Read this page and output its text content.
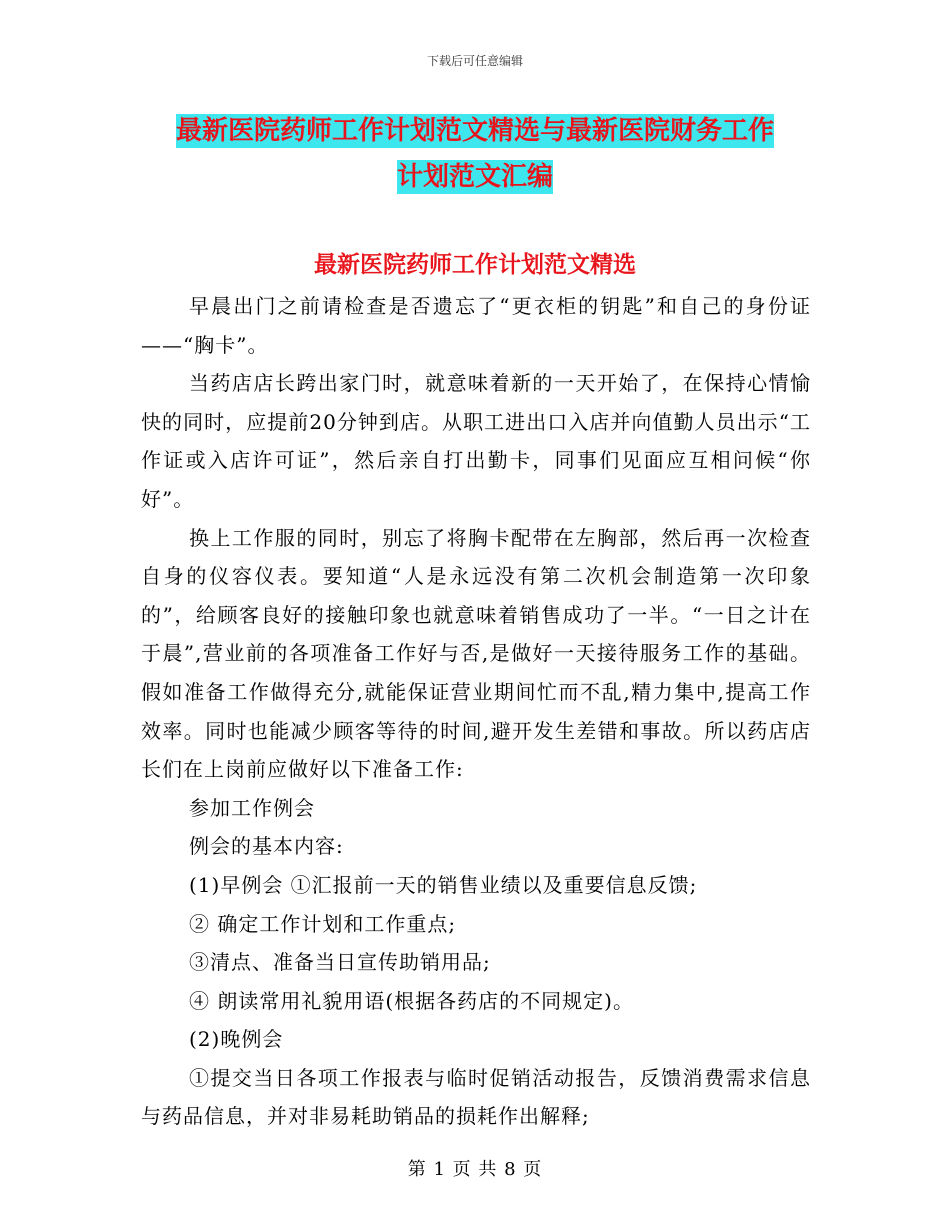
下载后可任意编辑
最新医院药师工作计划范文精选与最新医院财务工作
计划范文汇编
最新医院药师工作计划范文精选

早晨出门之前请检查是否遗忘了“更衣柜的钥匙”和自己的身份证——“胸卡”。

当药店店长跨出家门时，就意味着新的一天开始了，在保持心情愉快的同时，应提前20分钟到店。从职工进出口入店并向值勤人员出示“工作证或入店许可证”，然后亲自打出勤卡，同事们见面应互相问候“你好”。

换上工作服的同时，别忘了将胸卡配带在左胸部，然后再一次检查自身的仪容仪表。要知道“人是永远没有第二次机会制造第一次印象的”，给顾客良好的接触印象也就意味着销售成功了一半。“一日之计在于晨”,营业前的各项准备工作好与否,是做好一天接待服务工作的基础。假如准备工作做得充分,就能保证营业期间忙而不乱,精力集中,提高工作效率。同时也能减少顾客等待的时间,避开发生差错和事故。所以药店店长们在上岗前应做好以下准备工作:

参加工作例会

例会的基本内容:

(1)早例会 ①汇报前一天的销售业绩以及重要信息反馈;

② 确定工作计划和工作重点;

③清点、准备当日宣传助销用品;

④ 朗读常用礼貌用语(根据各药店的不同规定)。

(2)晚例会

①提交当日各项工作报表与临时促销活动报告，反馈消费需求信息与药品信息，并对非易耗助销品的损耗作出解释;

第 1 页 共 8 页
